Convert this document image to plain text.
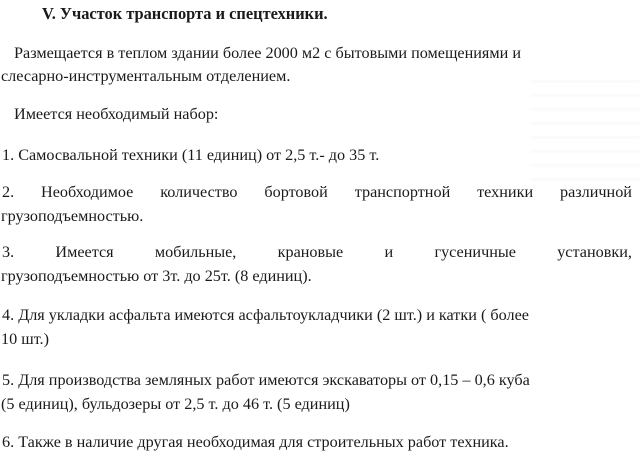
V. Участок транспорта и спецтехники.
Размещается в теплом здании более 2000 м2 с бытовыми помещениями и
слесарно-инструментальным отделением.
Имеется необходимый набор:
1. Самосвальной техники (11 единиц) от 2,5 т.- до 35 т.
2. Необходимое количество бортовой транспортной техники различной
грузоподъемностью.
3.	Имеется	мобильные,	крановые	и	гусеничные	установки,
грузоподъемностью от 3т. до 25т. (8 единиц).
4. Для укладки асфальта имеются асфальтоукладчики (2 шт.) и катки ( более
10 шт.)
5. Для производства земляных работ имеются экскаваторы от 0,15 – 0,6 куба
(5 единиц), бульдозеры от 2,5 т. до 46 т. (5 единиц)
6. Также в наличие другая необходимая для строительных работ техника.
